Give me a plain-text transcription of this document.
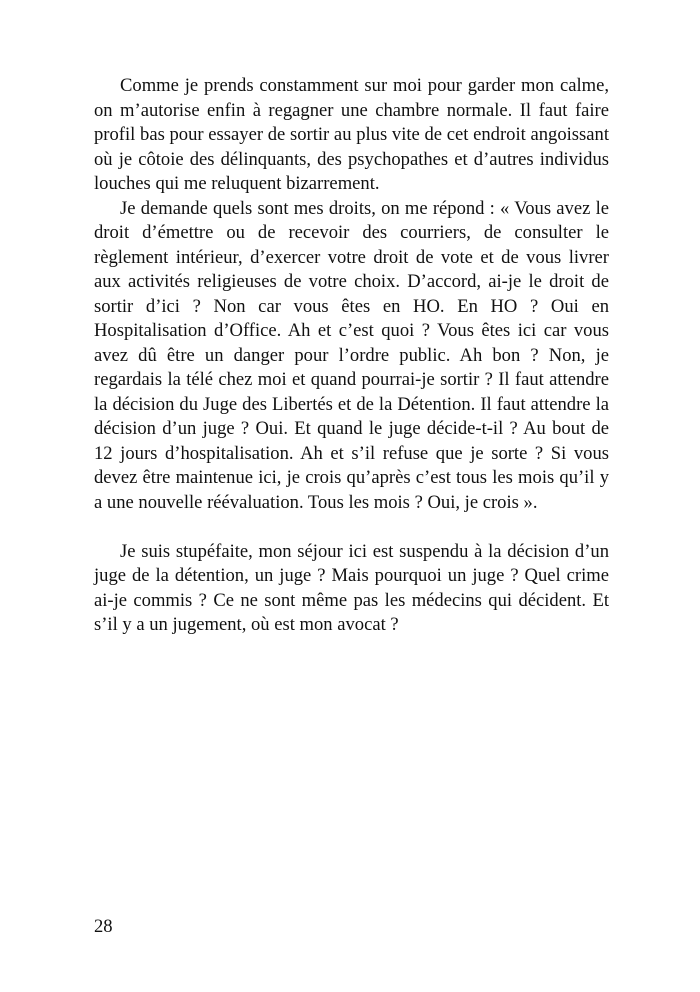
Comme je prends constamment sur moi pour garder mon calme, on m’autorise enfin à regagner une chambre normale. Il faut faire profil bas pour essayer de sortir au plus vite de cet endroit angoissant où je côtoie des délinquants, des psychopathes et d’autres individus louches qui me reluquent bizarrement.

Je demande quels sont mes droits, on me répond : « Vous avez le droit d’émettre ou de recevoir des courriers, de consulter le règlement intérieur, d’exercer votre droit de vote et de vous livrer aux activités religieuses de votre choix. D’accord, ai-je le droit de sortir d’ici ? Non car vous êtes en HO. En HO ? Oui en Hospitalisation d’Office. Ah et c’est quoi ? Vous êtes ici car vous avez dû être un danger pour l’ordre public. Ah bon ? Non, je regardais la télé chez moi et quand pourrai-je sortir ? Il faut attendre la décision du Juge des Libertés et de la Détention. Il faut attendre la décision d’un juge ? Oui. Et quand le juge décide-t-il ? Au bout de 12 jours d’hospitalisation. Ah et s’il refuse que je sorte ? Si vous devez être maintenue ici, je crois qu’après c’est tous les mois qu’il y a une nouvelle réévaluation. Tous les mois ? Oui, je crois ».

Je suis stupéfaite, mon séjour ici est suspendu à la décision d’un juge de la détention, un juge ? Mais pourquoi un juge ? Quel crime ai-je commis ? Ce ne sont même pas les médecins qui décident. Et s’il y a un jugement, où est mon avocat ?

28
